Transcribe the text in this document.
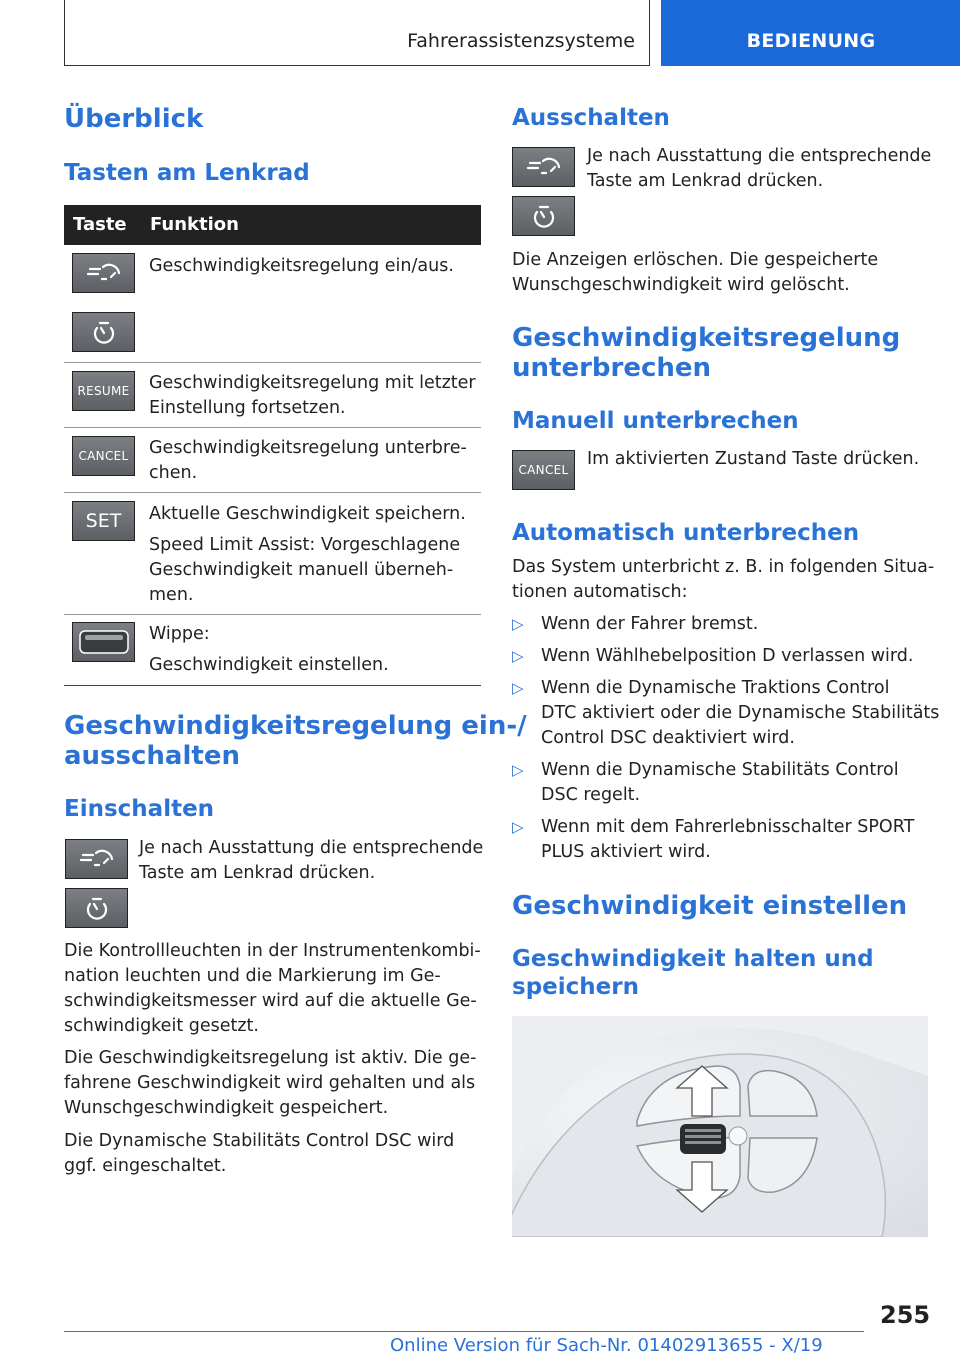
Fahrerassistenzsysteme	BEDIENUNG
Überblick
Tasten am Lenkrad
Taste Funktion
Geschwindigkeitsregelung ein/aus.
RESUME	Geschwindigkeitsregelung mit letzter
Einstellung fortsetzen.
CANCEL	Geschwindigkeitsregelung unterbre-
chen.
SET	Aktuelle Geschwindigkeit speichern.
Speed Limit Assist: Vorgeschlagene
Geschwindigkeit manuell überneh-
men.
Wippe:
Geschwindigkeit einstellen.
Geschwindigkeitsregelung ein-/
ausschalten
Einschalten
Je nach Ausstattung die entsprechende
Taste am Lenkrad drücken.
Die Kontrollleuchten in der Instrumentenkombi-
nation leuchten und die Markierung im Ge-
schwindigkeitsmesser wird auf die aktuelle Ge-
schwindigkeit gesetzt.
Die Geschwindigkeitsregelung ist aktiv. Die ge-
fahrene Geschwindigkeit wird gehalten und als
Wunschgeschwindigkeit gespeichert.
Die Dynamische Stabilitäts Control DSC wird
ggf. eingeschaltet.
Ausschalten
Je nach Ausstattung die entsprechende
Taste am Lenkrad drücken.
Die Anzeigen erlöschen. Die gespeicherte
Wunschgeschwindigkeit wird gelöscht.
Geschwindigkeitsregelung
unterbrechen
Manuell unterbrechen
CANCEL
Im aktivierten Zustand Taste drücken.
Automatisch unterbrechen
Das System unterbricht z. B. in folgenden Situa-
tionen automatisch:
▷ Wenn der Fahrer bremst.
▷ Wenn Wählhebelposition D verlassen wird.
▷ Wenn die Dynamische Traktions Control
DTC aktiviert oder die Dynamische Stabilitäts
Control DSC deaktiviert wird.
▷ Wenn die Dynamische Stabilitäts Control
DSC regelt.
▷ Wenn mit dem Fahrerlebnisschalter SPORT
PLUS aktiviert wird.
Geschwindigkeit einstellen
Geschwindigkeit halten und
speichern
255
Online Version für Sach-Nr. 01402913655 - X/19
